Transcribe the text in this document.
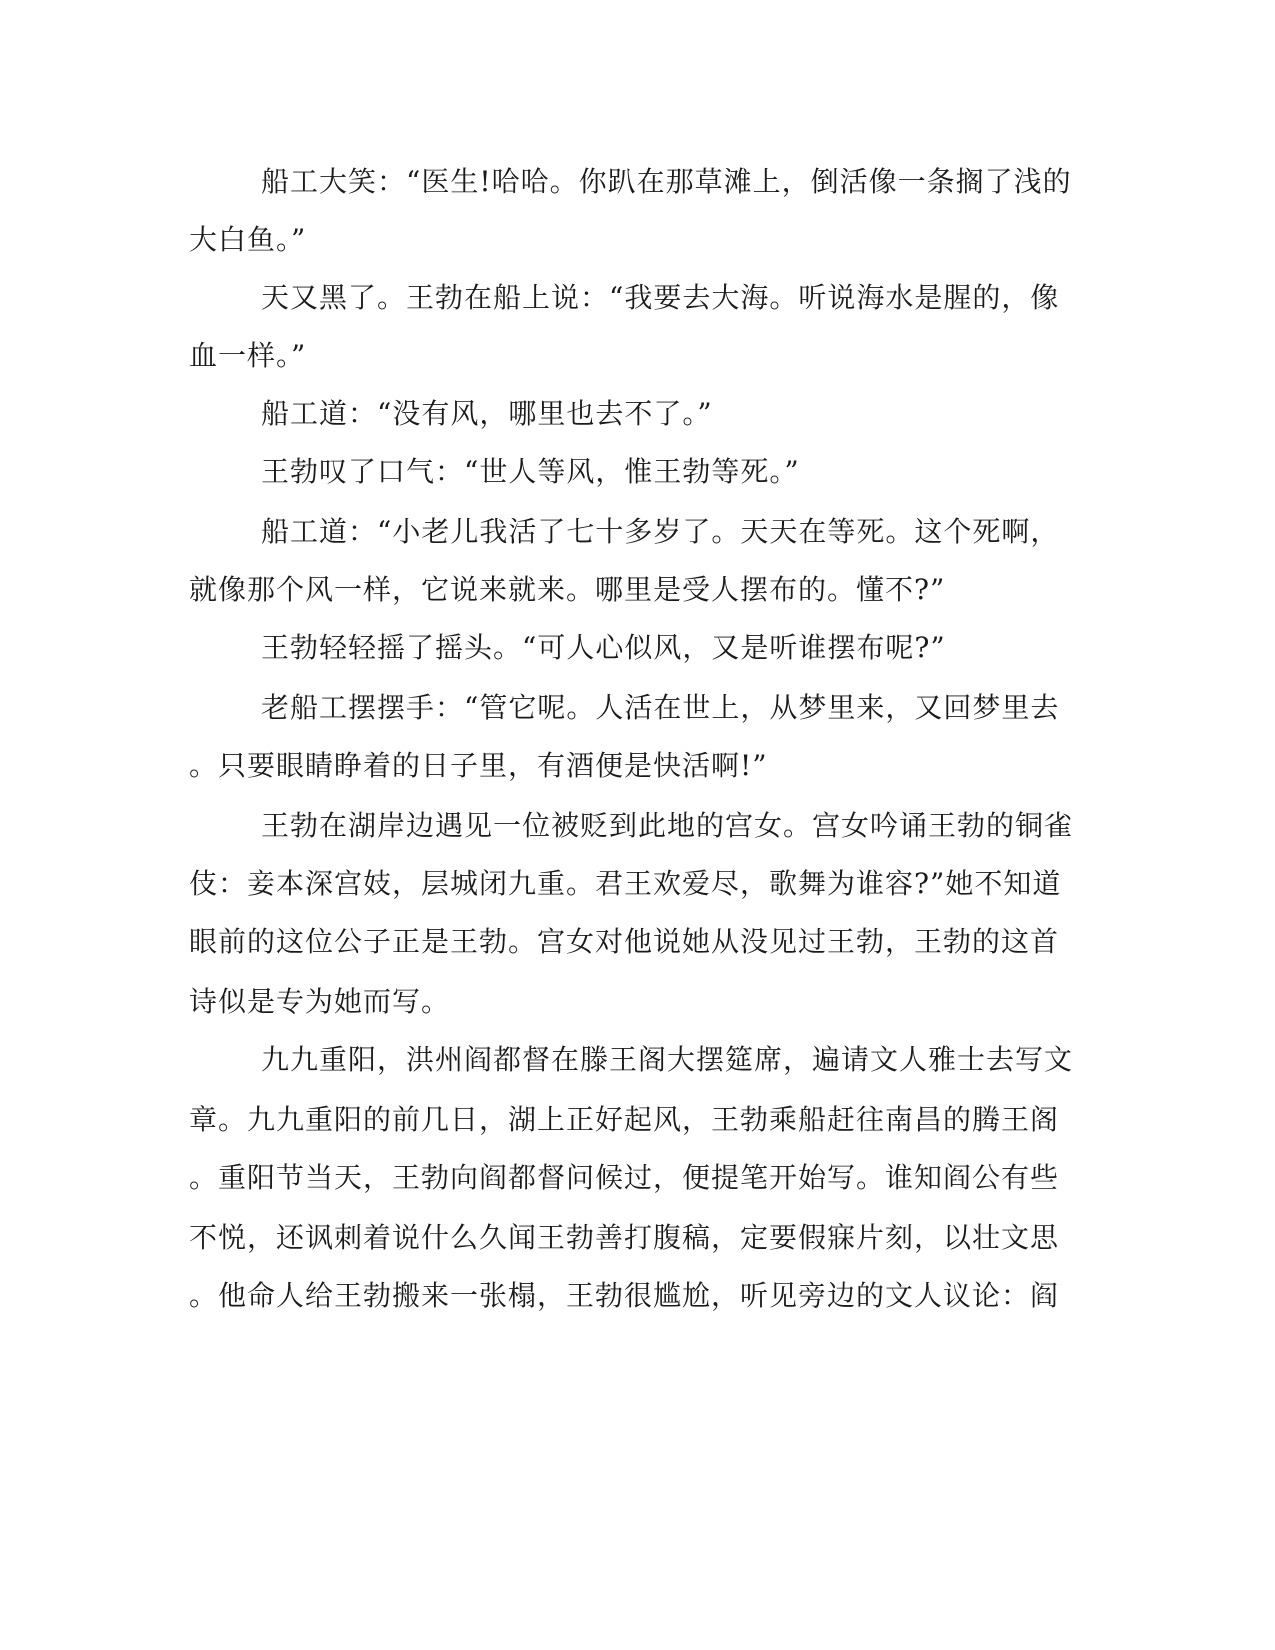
船工大笑：“医生!哈哈。你趴在那草滩上，倒活像一条搁了浅的
大白鱼。”
天又黑了。王勃在船上说：“我要去大海。听说海水是腥的，像
血一样。”
船工道：“没有风，哪里也去不了。”
王勃叹了口气：“世人等风，惟王勃等死。”
船工道：“小老儿我活了七十多岁了。天天在等死。这个死啊，
就像那个风一样，它说来就来。哪里是受人摆布的。懂不?”
王勃轻轻摇了摇头。“可人心似风，又是听谁摆布呢?”
老船工摆摆手：“管它呢。人活在世上，从梦里来，又回梦里去
。只要眼睛睁着的日子里，有酒便是快活啊!”
王勃在湖岸边遇见一位被贬到此地的宫女。宫女吟诵王勃的铜雀
伎：妾本深宫妓，层城闭九重。君王欢爱尽，歌舞为谁容?”她不知道
眼前的这位公子正是王勃。宫女对他说她从没见过王勃，王勃的这首
诗似是专为她而写。
九九重阳，洪州阎都督在滕王阁大摆筵席，遍请文人雅士去写文
章。九九重阳的前几日，湖上正好起风，王勃乘船赶往南昌的腾王阁
。重阳节当天，王勃向阎都督问候过，便提笔开始写。谁知阎公有些
不悦，还讽刺着说什么久闻王勃善打腹稿，定要假寐片刻，以壮文思
。他命人给王勃搬来一张榻，王勃很尴尬，听见旁边的文人议论：阎
